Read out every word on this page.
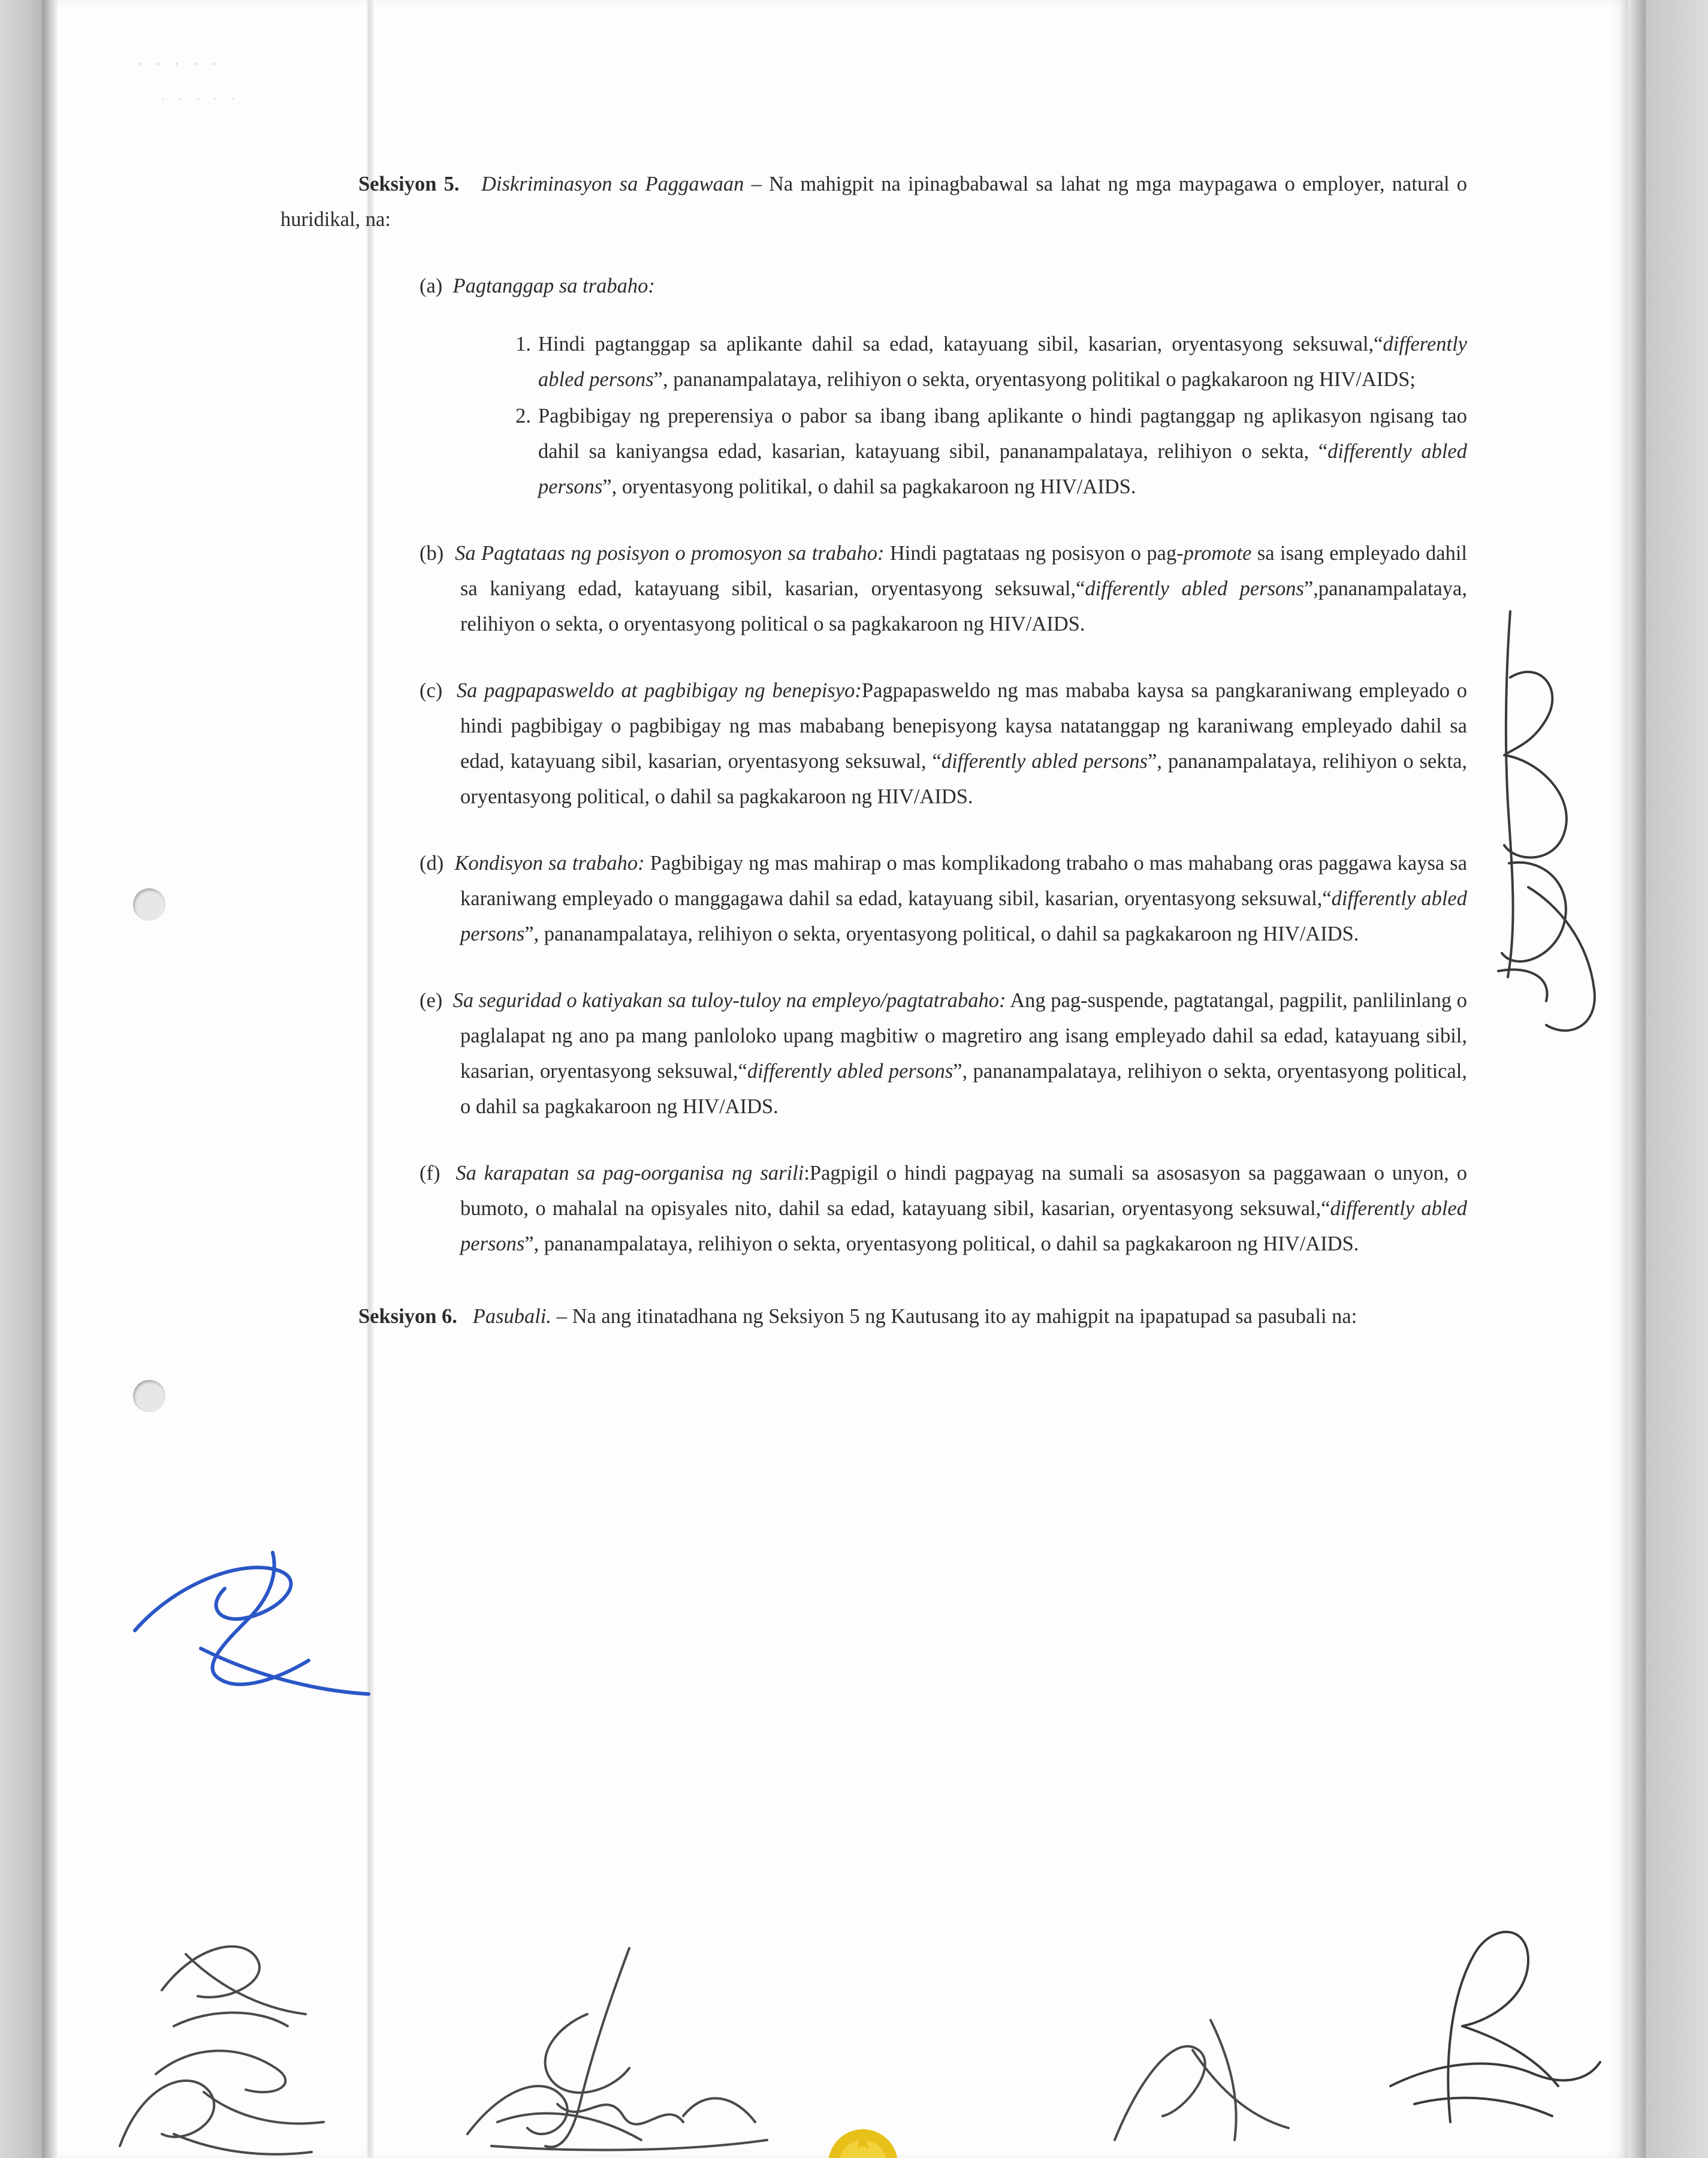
. . . . .
. . . . .

Seksiyon 5. Diskriminasyon sa Paggawaan – Na mahigpit na ipinagbabawal sa lahat ng mga maypagawa o employer, natural o huridikal, na:

(a) Pagtanggap sa trabaho:

1. Hindi pagtanggap sa aplikante dahil sa edad, katayuang sibil, kasarian, oryentasyong seksuwal,“differently abled persons”, pananampalataya, relihiyon o sekta, oryentasyong politikal o pagkakaroon ng HIV/AIDS;
2. Pagbibigay ng preperensiya o pabor sa ibang ibang aplikante o hindi pagtanggap ng aplikasyon ngisang tao dahil sa kaniyangsa edad, kasarian, katayuang sibil, pananampalataya, relihiyon o sekta, “differently abled persons”, oryentasyong politikal, o dahil sa pagkakaroon ng HIV/AIDS.

(b) Sa Pagtataas ng posisyon o promosyon sa trabaho: Hindi pagtataas ng posisyon o pag-promote sa isang empleyado dahil sa kaniyang edad, katayuang sibil, kasarian, oryentasyong seksuwal,“differently abled persons”,pananampalataya, relihiyon o sekta, o oryentasyong political o sa pagkakaroon ng HIV/AIDS.

(c) Sa pagpapasweldo at pagbibigay ng benepisyo:Pagpapasweldo ng mas mababa kaysa sa pangkaraniwang empleyado o hindi pagbibigay o pagbibigay ng mas mababang benepisyong kaysa natatanggap ng karaniwang empleyado dahil sa edad, katayuang sibil, kasarian, oryentasyong seksuwal, “differently abled persons”, pananampalataya, relihiyon o sekta, oryentasyong political, o dahil sa pagkakaroon ng HIV/AIDS.

(d) Kondisyon sa trabaho: Pagbibigay ng mas mahirap o mas komplikadong trabaho o mas mahabang oras paggawa kaysa sa karaniwang empleyado o manggagawa dahil sa edad, katayuang sibil, kasarian, oryentasyong seksuwal,“differently abled persons”, pananampalataya, relihiyon o sekta, oryentasyong political, o dahil sa pagkakaroon ng HIV/AIDS.

(e) Sa seguridad o katiyakan sa tuloy-tuloy na empleyo/pagtatrabaho: Ang pag-suspende, pagtatangal, pagpilit, panlilinlang o paglalapat ng ano pa mang panloloko upang magbitiw o magretiro ang isang empleyado dahil sa edad, katayuang sibil, kasarian, oryentasyong seksuwal,“differently abled persons”, pananampalataya, relihiyon o sekta, oryentasyong political, o dahil sa pagkakaroon ng HIV/AIDS.

(f) Sa karapatan sa pag-oorganisa ng sarili:Pagpigil o hindi pagpayag na sumali sa asosasyon sa paggawaan o unyon, o bumoto, o mahalal na opisyales nito, dahil sa edad, katayuang sibil, kasarian, oryentasyong seksuwal,“differently abled persons”, pananampalataya, relihiyon o sekta, oryentasyong political, o dahil sa pagkakaroon ng HIV/AIDS.

Seksiyon 6. Pasubali. – Na ang itinatadhana ng Seksiyon 5 ng Kautusang ito ay mahigpit na ipapatupad sa pasubali na:
